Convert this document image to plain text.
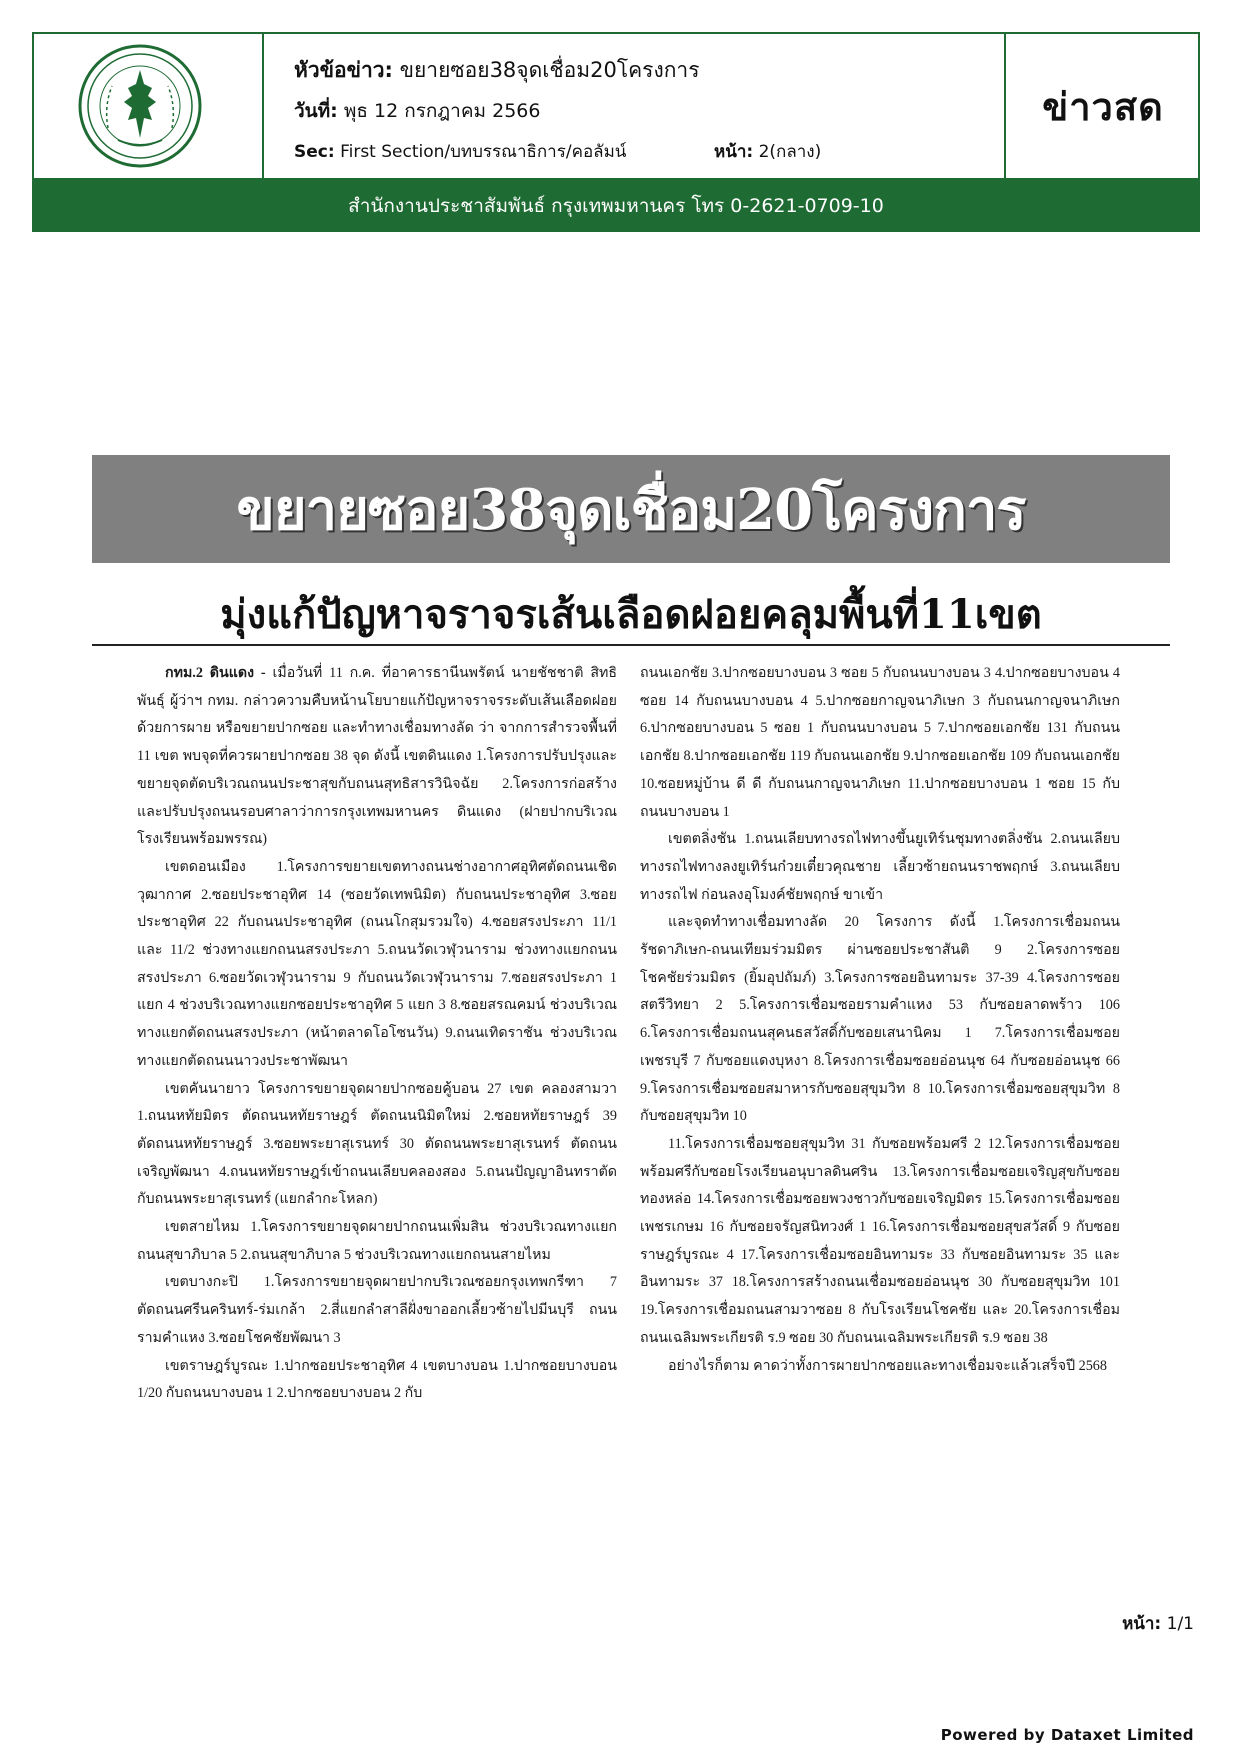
หัวข้อข่าว: ขยายซอย38จุดเชื่อม20โครงการ
วันที่: พุธ 12 กรกฎาคม 2566
Sec: First Section/บทบรรณาธิการ/คอลัมน์	หน้า: 2(กลาง)
ข่าวสด
สำนักงานประชาสัมพันธ์ กรุงเทพมหานคร โทร 0-2621-0709-10
ขยายซอย38จุดเชื่อม20โครงการ
มุ่งแก้ปัญหาจราจรเส้นเลือดฝอยคลุมพื้นที่11เขต

กทม.2 ดินแดง - เมื่อวันที่ 11 ก.ค. ที่อาคารธานีนพรัตน์ นายชัชชาติ สิทธิพันธุ์ ผู้ว่าฯ กทม. กล่าวความคืบหน้านโยบายแก้ปัญหาจราจรระดับเส้นเลือดฝอย ด้วยการผาย หรือขยายปากซอย และทำทางเชื่อมทางลัด ว่า จากการสำรวจพื้นที่ 11 เขต พบจุดที่ควรผายปากซอย 38 จุด ดังนี้ เขตดินแดง 1.โครงการปรับปรุงและขยายจุดตัดบริเวณถนนประชาสุขกับถนนสุทธิสารวินิจฉัย 2.โครงการก่อสร้างและปรับปรุงถนนรอบศาลาว่าการกรุงเทพมหานคร ดินแดง (ฝายปากบริเวณโรงเรียนพร้อมพรรณ)

เขตดอนเมือง 1.โครงการขยายเขตทางถนนช่างอากาศอุทิศตัดถนนเชิดวุฒากาศ 2.ซอยประชาอุทิศ 14 (ซอยวัดเทพนิมิต) กับถนนประชาอุทิศ 3.ซอยประชาอุทิศ 22 กับถนนประชาอุทิศ (ถนนโกสุมรวมใจ) 4.ซอยสรงประภา 11/1 และ 11/2 ช่วงทางแยกถนนสรงประภา 5.ถนนวัดเวฬุวนาราม ช่วงทางแยกถนนสรงประภา 6.ซอยวัดเวฬุวนาราม 9 กับถนนวัดเวฬุวนาราม 7.ซอยสรงประภา 1 แยก 4 ช่วงบริเวณทางแยกซอยประชาอุทิศ 5 แยก 3 8.ซอยสรณคมน์ ช่วงบริเวณทางแยกตัดถนนสรงประภา (หน้าตลาดโอโซนวัน) 9.ถนนเทิดราชัน ช่วงบริเวณทางแยกตัดถนนนาวงประชาพัฒนา

เขตคันนายาว โครงการขยายจุดผายปากซอยคู้บอน 27 เขต คลองสามวา 1.ถนนหทัยมิตร ตัดถนนหทัยราษฎร์ ตัดถนนนิมิตใหม่ 2.ซอยหทัยราษฎร์ 39 ตัดถนนหทัยราษฎร์ 3.ซอยพระยาสุเรนทร์ 30 ตัดถนนพระยาสุเรนทร์ ตัดถนนเจริญพัฒนา 4.ถนนหทัยราษฎร์เข้าถนนเลียบคลองสอง 5.ถนนปัญญาอินทราตัดกับถนนพระยาสุเรนทร์ (แยกลำกะโหลก)

เขตสายไหม 1.โครงการขยายจุดผายปากถนนเพิ่มสิน ช่วงบริเวณทางแยกถนนสุขาภิบาล 5 2.ถนนสุขาภิบาล 5 ช่วงบริเวณทางแยกถนนสายไหม

เขตบางกะปิ 1.โครงการขยายจุดผายปากบริเวณซอยกรุงเทพกรีฑา 7 ตัดถนนศรีนครินทร์-ร่มเกล้า 2.สี่แยกลำสาลีฝั่งขาออกเลี้ยวซ้ายไปมีนบุรี ถนนรามคำแหง 3.ซอยโชคชัยพัฒนา 3

เขตราษฎร์บูรณะ 1.ปากซอยประชาอุทิศ 4 เขตบางบอน 1.ปากซอยบางบอน 1/20 กับถนนบางบอน 1 2.ปากซอยบางบอน 2 กับ

ถนนเอกชัย 3.ปากซอยบางบอน 3 ซอย 5 กับถนนบางบอน 3 4.ปากซอยบางบอน 4 ซอย 14 กับถนนบางบอน 4 5.ปากซอยกาญจนาภิเษก 3 กับถนนกาญจนาภิเษก 6.ปากซอยบางบอน 5 ซอย 1 กับถนนบางบอน 5 7.ปากซอยเอกชัย 131 กับถนนเอกชัย 8.ปากซอยเอกชัย 119 กับถนนเอกชัย 9.ปากซอยเอกชัย 109 กับถนนเอกชัย 10.ซอยหมู่บ้าน ดี ดี กับถนนกาญจนาภิเษก 11.ปากซอยบางบอน 1 ซอย 15 กับถนนบางบอน 1

เขตตลิ่งชัน 1.ถนนเลียบทางรถไฟทางขึ้นยูเทิร์นชุมทางตลิ่งชัน 2.ถนนเลียบทางรถไฟทางลงยูเทิร์นก๋วยเตี๋ยวคุณชาย เลี้ยวซ้ายถนนราชพฤกษ์ 3.ถนนเลียบทางรถไฟ ก่อนลงอุโมงค์ชัยพฤกษ์ ขาเข้า

และจุดทำทางเชื่อมทางลัด 20 โครงการ ดังนี้ 1.โครงการเชื่อมถนนรัชดาภิเษก-ถนนเทียมร่วมมิตร ผ่านซอยประชาสันติ 9 2.โครงการซอยโชคชัยร่วมมิตร (ยิ้มอุปถัมภ์) 3.โครงการซอยอินทามระ 37-39 4.โครงการซอยสตรีวิทยา 2 5.โครงการเชื่อมซอยรามคำแหง 53 กับซอยลาดพร้าว 106 6.โครงการเชื่อมถนนสุคนธสวัสดิ์กับซอยเสนานิคม 1 7.โครงการเชื่อมซอยเพชรบุรี 7 กับซอยแดงบุหงา 8.โครงการเชื่อมซอยอ่อนนุช 64 กับซอยอ่อนนุช 66 9.โครงการเชื่อมซอยสมาหารกับซอยสุขุมวิท 8 10.โครงการเชื่อมซอยสุขุมวิท 8 กับซอยสุขุมวิท 10

11.โครงการเชื่อมซอยสุขุมวิท 31 กับซอยพร้อมศรี 2 12.โครงการเชื่อมซอยพร้อมศรีกับซอยโรงเรียนอนุบาลดินศริน 13.โครงการเชื่อมซอยเจริญสุขกับซอยทองหล่อ 14.โครงการเชื่อมซอยพวงชาวกับซอยเจริญมิตร 15.โครงการเชื่อมซอยเพชรเกษม 16 กับซอยจรัญสนิทวงศ์ 1 16.โครงการเชื่อมซอยสุขสวัสดิ์ 9 กับซอยราษฎร์บูรณะ 4 17.โครงการเชื่อมซอยอินทามระ 33 กับซอยอินทามระ 35 และอินทามระ 37 18.โครงการสร้างถนนเชื่อมซอยอ่อนนุช 30 กับซอยสุขุมวิท 101 19.โครงการเชื่อมถนนสามวาซอย 8 กับโรงเรียนโชคชัย และ 20.โครงการเชื่อมถนนเฉลิมพระเกียรติ ร.9 ซอย 30 กับถนนเฉลิมพระเกียรติ ร.9 ซอย 38

อย่างไรก็ตาม คาดว่าทั้งการผายปากซอยและทางเชื่อมจะแล้วเสร็จปี 2568

หน้า: 1/1
Powered by Dataxet Limited
